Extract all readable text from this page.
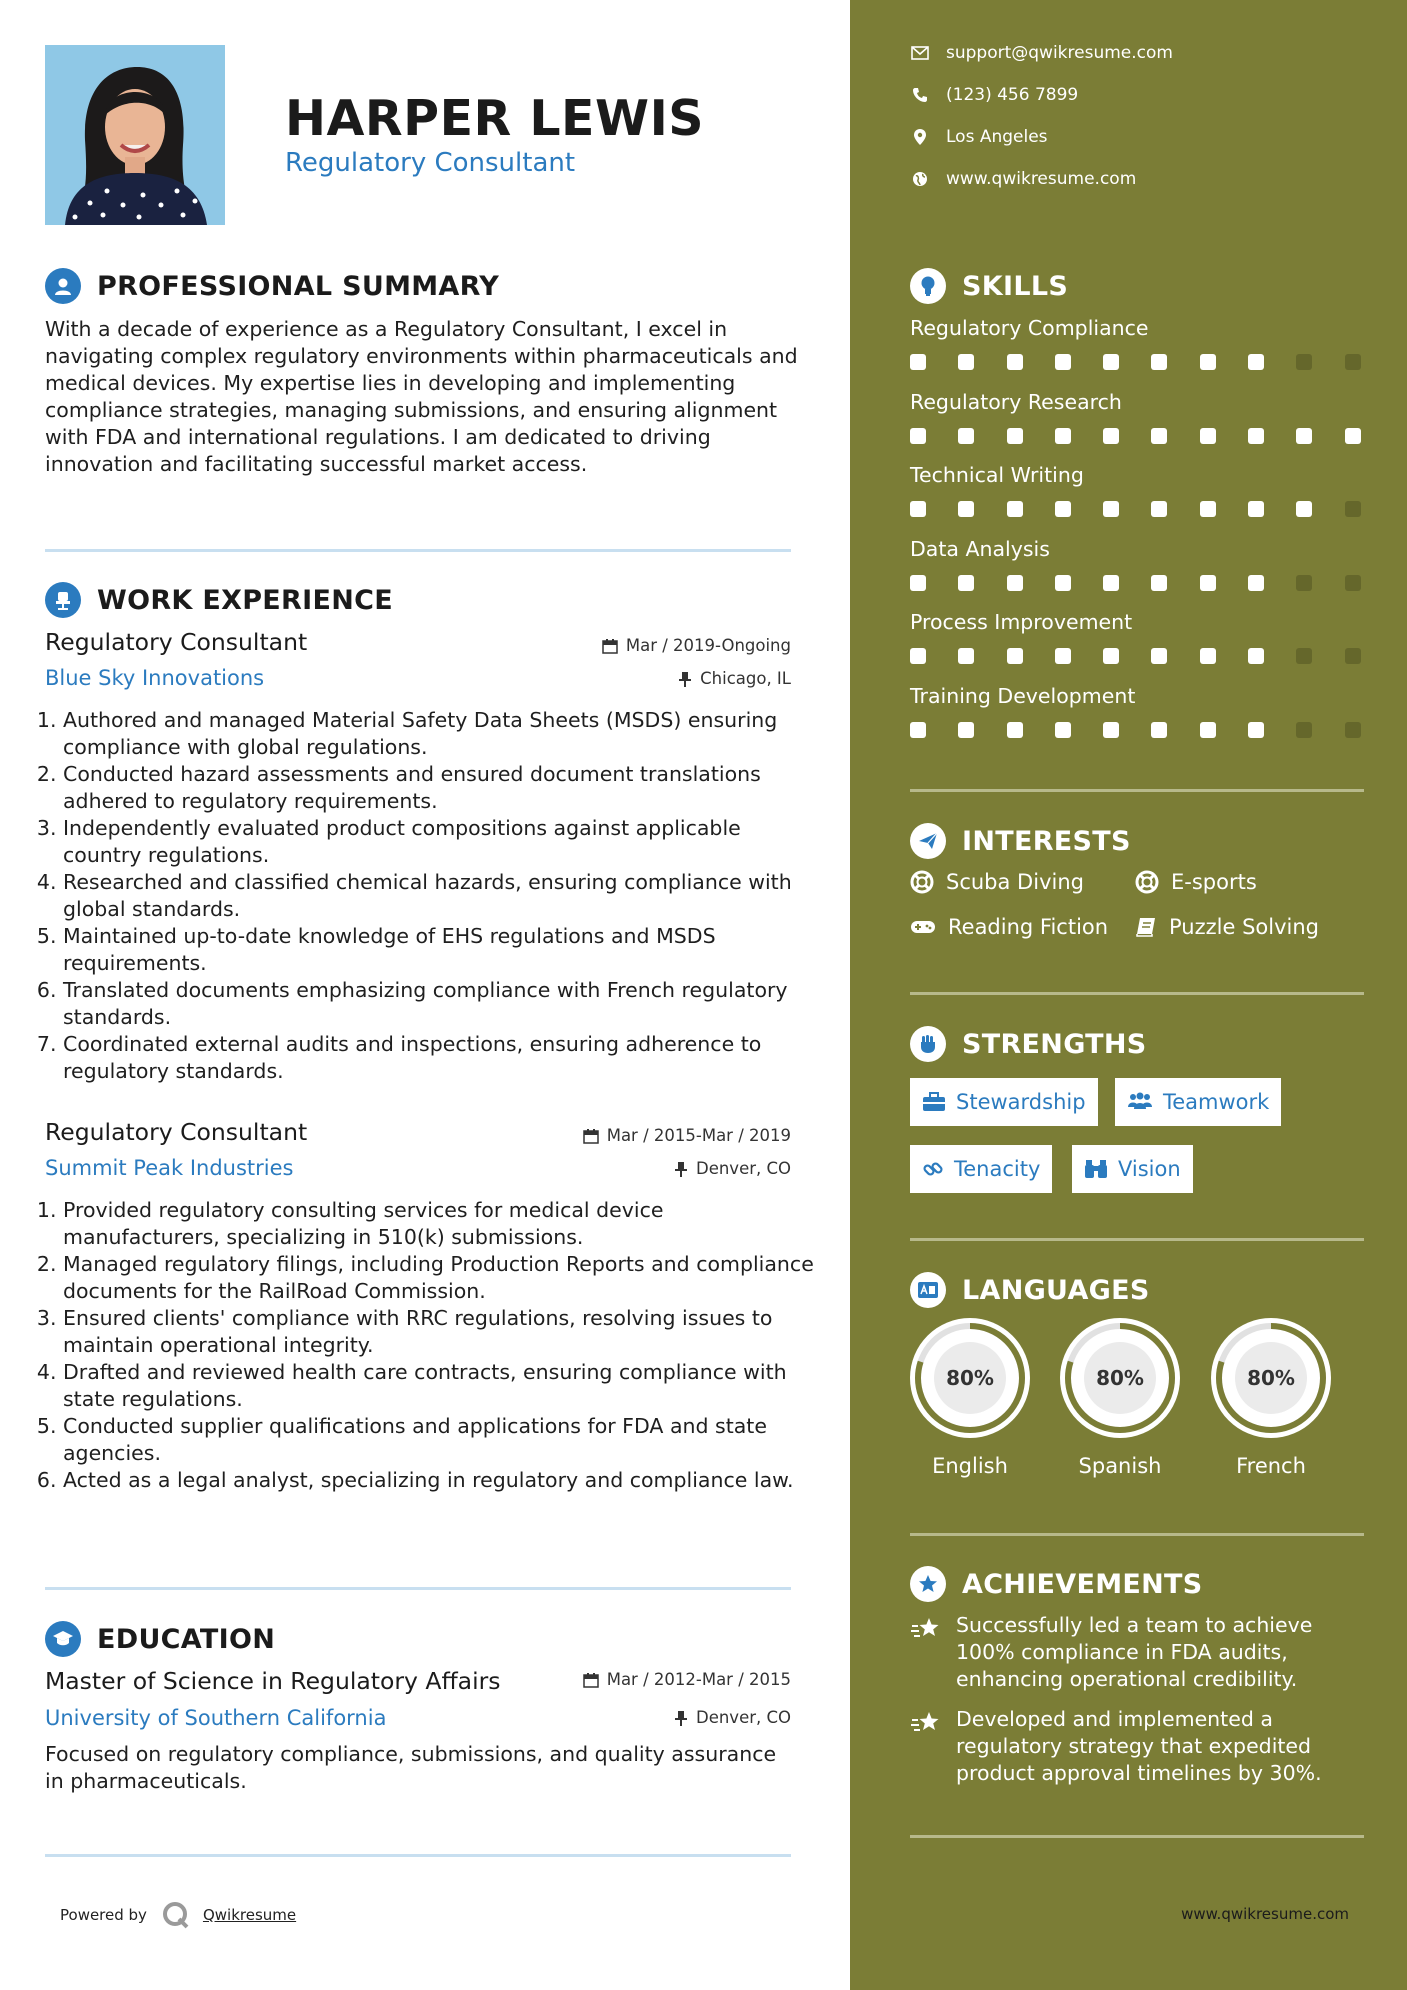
HARPER LEWIS
Regulatory Consultant
PROFESSIONAL SUMMARY
With a decade of experience as a Regulatory Consultant, I excel in navigating complex regulatory environments within pharmaceuticals and medical devices. My expertise lies in developing and implementing compliance strategies, managing submissions, and ensuring alignment with FDA and international regulations. I am dedicated to driving innovation and facilitating successful market access.
WORK EXPERIENCE
Regulatory Consultant
Blue Sky Innovations
Mar / 2019-Ongoing
Chicago, IL
1. Authored and managed Material Safety Data Sheets (MSDS) ensuring compliance with global regulations.
2. Conducted hazard assessments and ensured document translations adhered to regulatory requirements.
3. Independently evaluated product compositions against applicable country regulations.
4. Researched and classified chemical hazards, ensuring compliance with global standards.
5. Maintained up-to-date knowledge of EHS regulations and MSDS requirements.
6. Translated documents emphasizing compliance with French regulatory standards.
7. Coordinated external audits and inspections, ensuring adherence to regulatory standards.
Regulatory Consultant
Summit Peak Industries
Mar / 2015-Mar / 2019
Denver, CO
1. Provided regulatory consulting services for medical device manufacturers, specializing in 510(k) submissions.
2. Managed regulatory filings, including Production Reports and compliance documents for the RailRoad Commission.
3. Ensured clients' compliance with RRC regulations, resolving issues to maintain operational integrity.
4. Drafted and reviewed health care contracts, ensuring compliance with state regulations.
5. Conducted supplier qualifications and applications for FDA and state agencies.
6. Acted as a legal analyst, specializing in regulatory and compliance law.
EDUCATION
Master of Science in Regulatory Affairs
University of Southern California
Mar / 2012-Mar / 2015
Denver, CO
Focused on regulatory compliance, submissions, and quality assurance in pharmaceuticals.
Powered by	Qwikresume
support@qwikresume.com
(123) 456 7899
Los Angeles
www.qwikresume.com
SKILLS
Regulatory Compliance
Regulatory Research
Technical Writing
Data Analysis
Process Improvement
Training Development
INTERESTS
Scuba Diving	E-sports
Reading Fiction	Puzzle Solving
STRENGTHS
Stewardship	Teamwork
Tenacity	Vision
LANGUAGES
80%
English
80%
Spanish
80%
French
ACHIEVEMENTS
Successfully led a team to achieve 100% compliance in FDA audits, enhancing operational credibility.
Developed and implemented a regulatory strategy that expedited product approval timelines by 30%.
www.qwikresume.com
